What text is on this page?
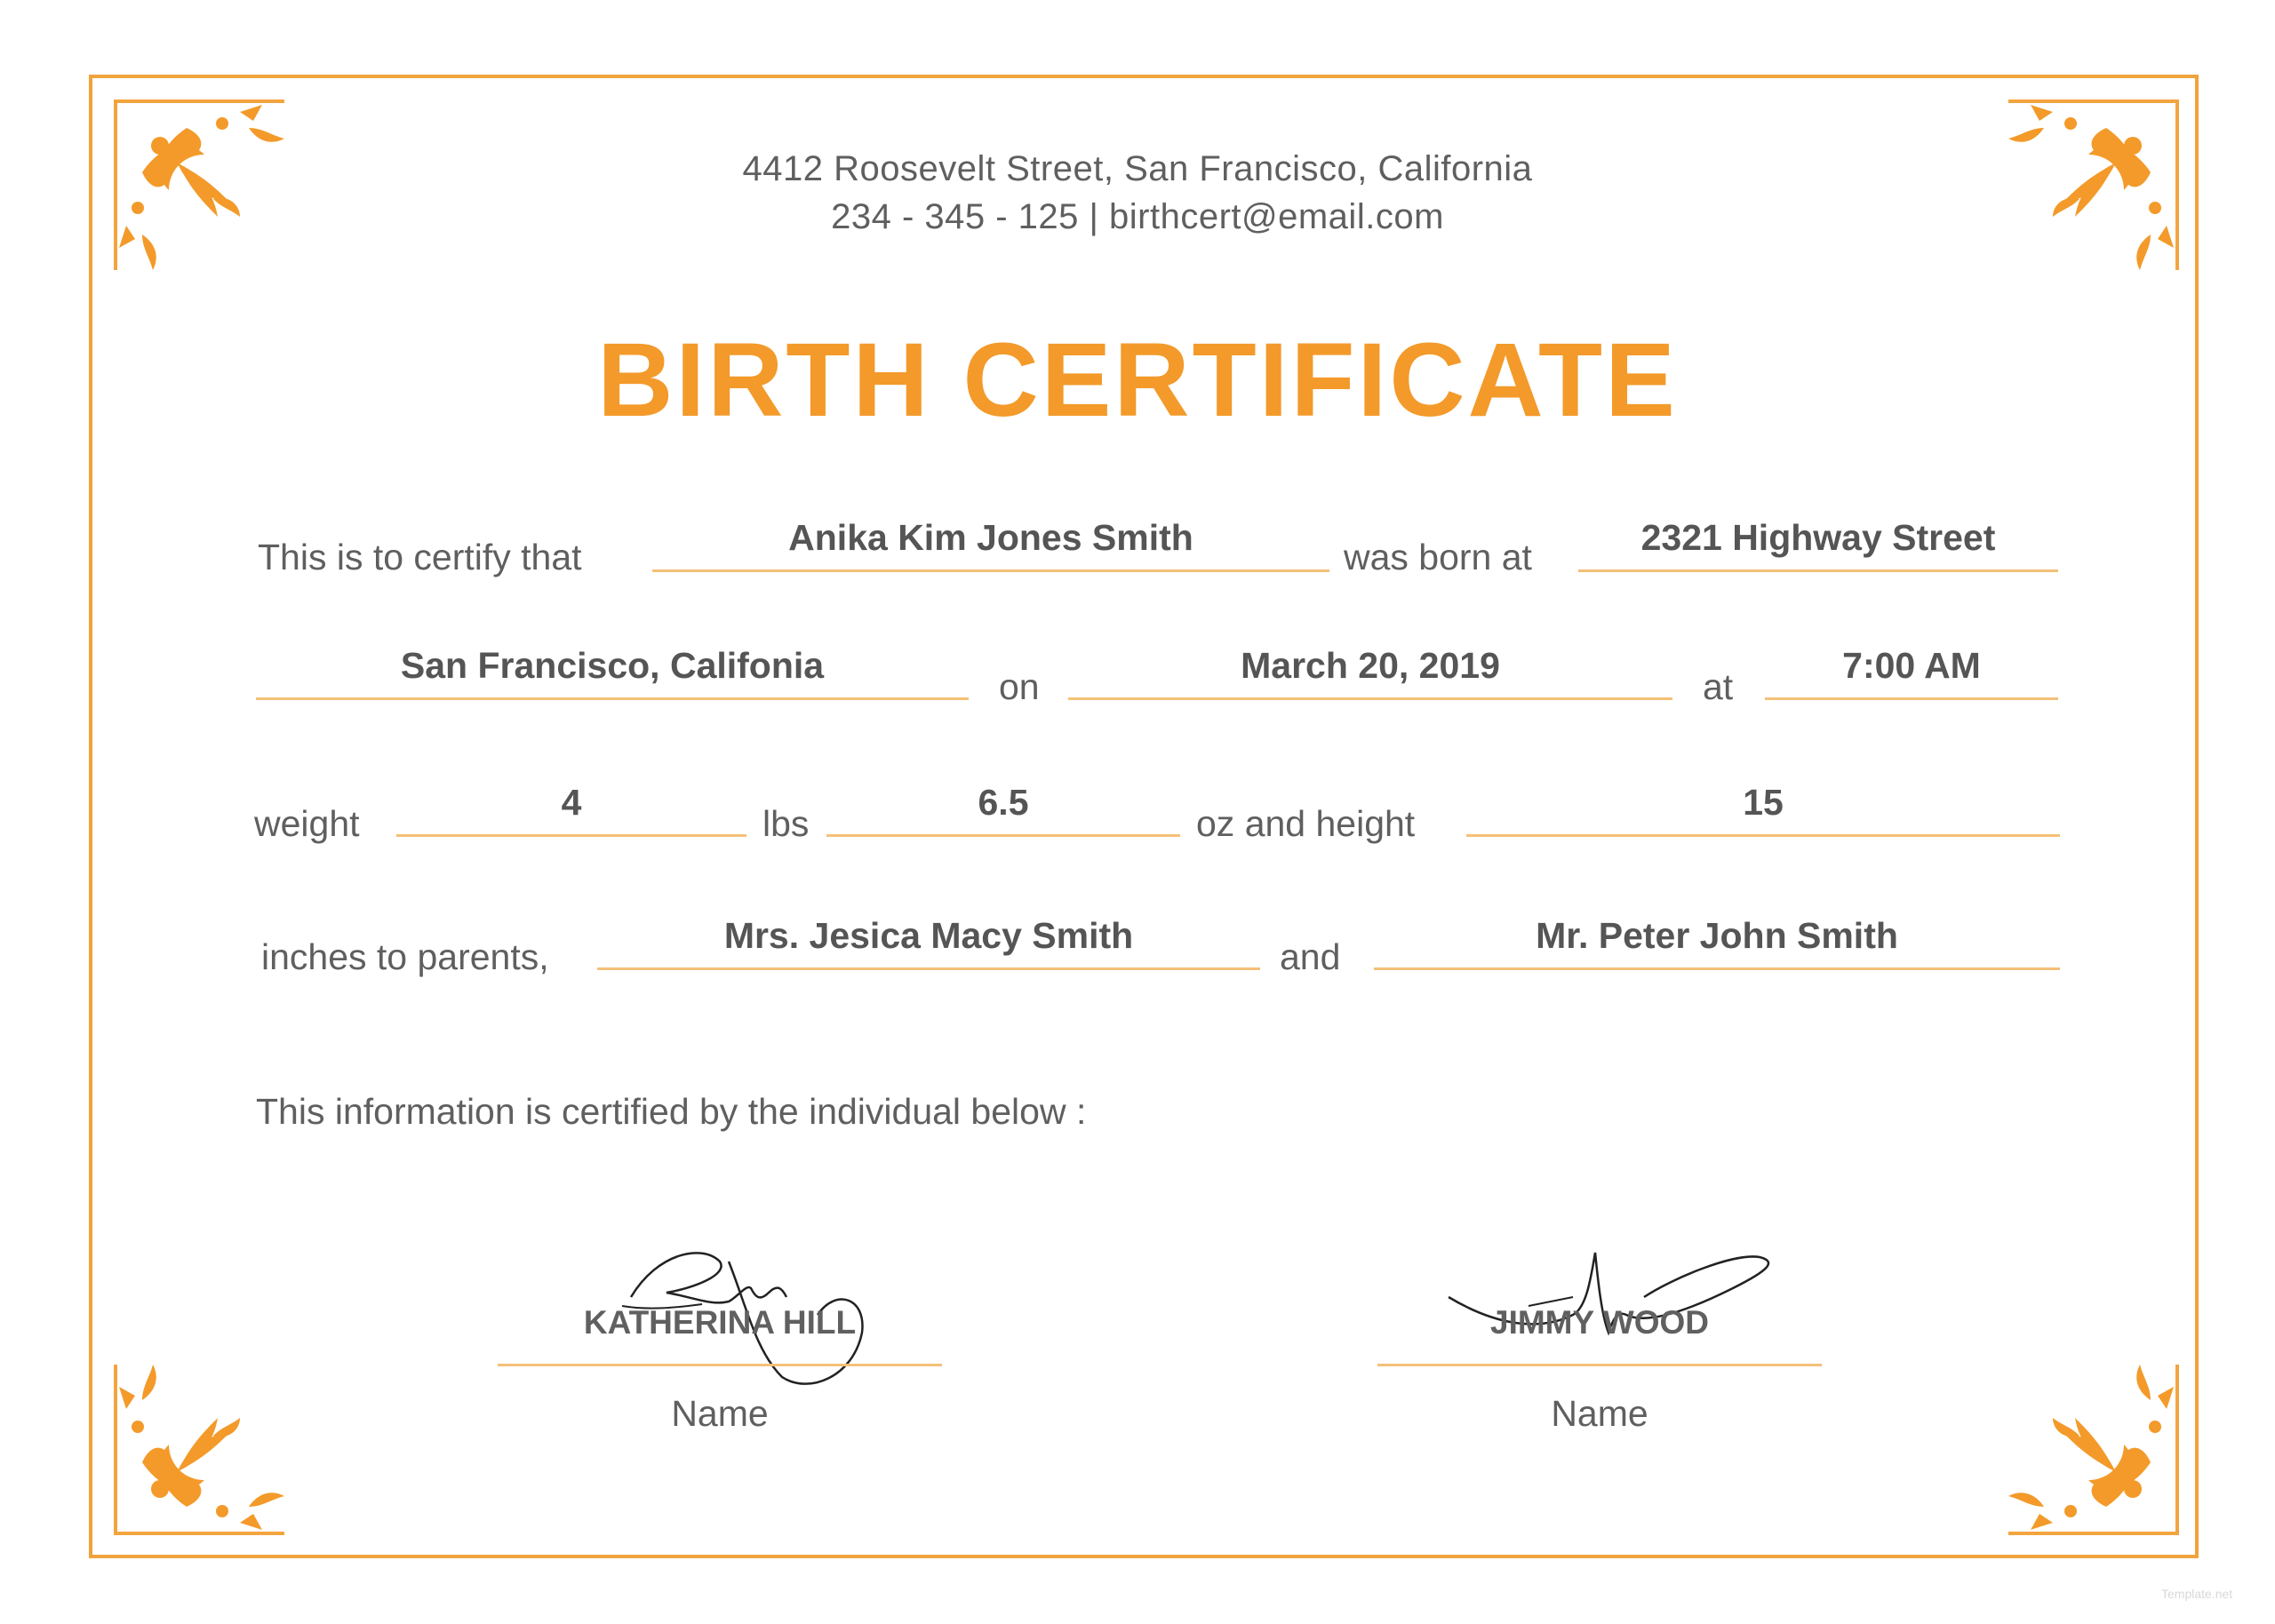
4412 Roosevelt Street, San Francisco, California
234 - 345 - 125 | birthcert@email.com
BIRTH CERTIFICATE
This is to certify that	Anika Kim Jones Smith	was born at	2321 Highway Street
San Francisco, Califonia
on
March 20, 2019
at
7:00 AM
weight
4
lbs
6.5
oz and height
15
inches to parents,
Mrs. Jesica Macy Smith
and
Mr. Peter John Smith
This information is certified by the individual below :
KATHERINA HILL
Name
JIMMY WOOD
Name
Template.net
